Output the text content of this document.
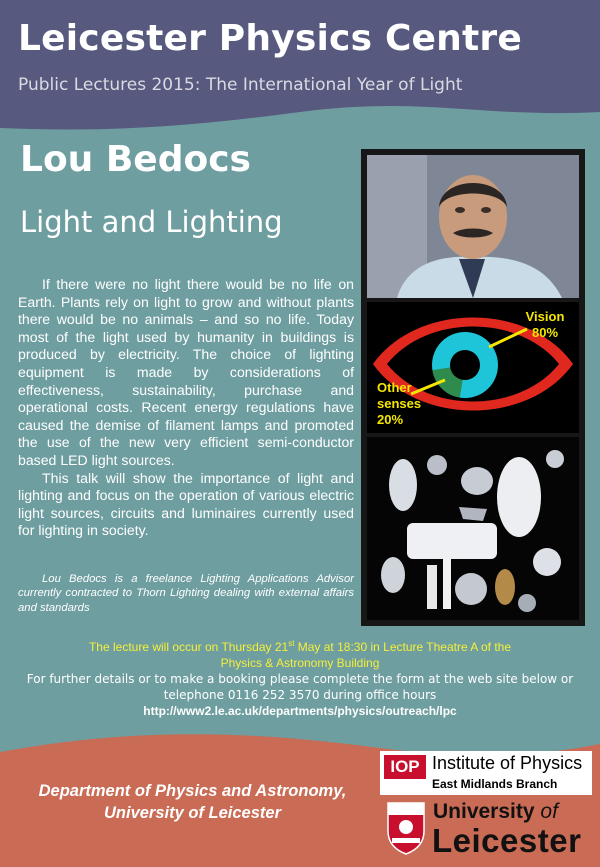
Leicester Physics Centre
Public Lectures 2015: The International Year of Light
Lou Bedocs
Light and Lighting

If there were no light there would be no life on Earth. Plants rely on light to grow and without plants there would be no animals – and so no life. Today most of the light used by humanity in buildings is produced by electricity. The choice of lighting equipment is made by considerations of effectiveness, sustainability, purchase and operational costs. Recent energy regulations have caused the demise of filament lamps and promoted the use of the new very efficient semi-conductor based LED light sources.

This talk will show the importance of light and lighting and focus on the operation of various electric light sources, circuits and luminaires currently used for lighting in society.

Lou Bedocs is a freelance Lighting Applications Advisor currently contracted to Thorn Lighting dealing with external affairs and standards

Vision
80%
Other
senses
20%
The lecture will occur on Thursday 21st May at 18:30 in Lecture Theatre A of the
Physics & Astronomy Building
For further details or to make a booking please complete the form at the web site below or
telephone 0116 252 3570 during office hours
http://www2.le.ac.uk/departments/physics/outreach/lpc
Department of Physics and Astronomy,
University of Leicester
IOP Institute of Physics
East Midlands Branch
University of
Leicester
